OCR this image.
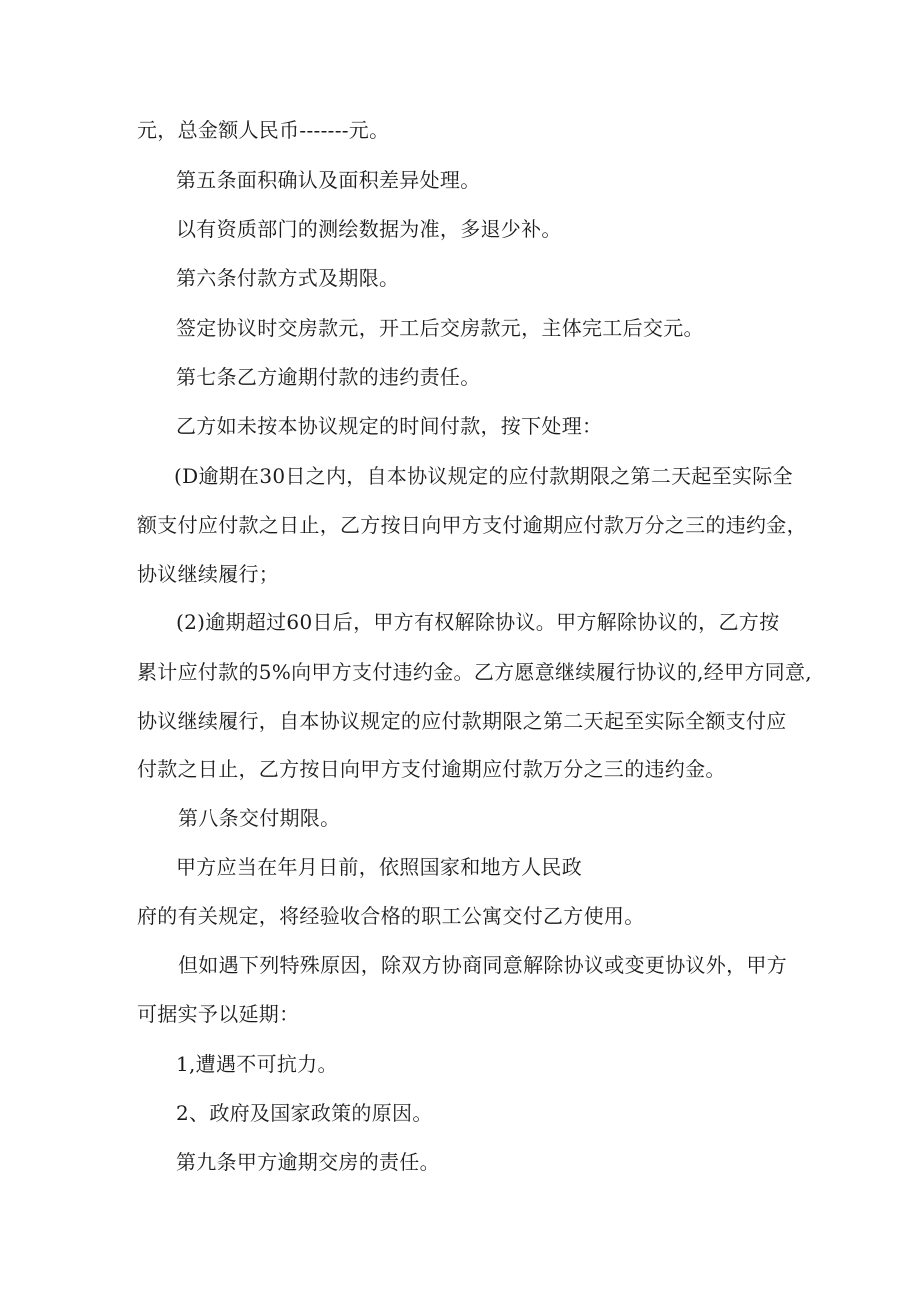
元，总金额人民币-------元。
第五条面积确认及面积差异处理。
以有资质部门的测绘数据为准，多退少补。
第六条付款方式及期限。
签定协议时交房款元，开工后交房款元，主体完工后交元。
第七条乙方逾期付款的违约责任。
乙方如未按本协议规定的时间付款，按下处理：
(D逾期在30日之内，自本协议规定的应付款期限之第二天起至实际全
额支付应付款之日止，乙方按日向甲方支付逾期应付款万分之三的违约金，
协议继续履行；
(2)逾期超过60日后，甲方有权解除协议。甲方解除协议的，乙方按
累计应付款的5%向甲方支付违约金。乙方愿意继续履行协议的,经甲方同意,
协议继续履行，自本协议规定的应付款期限之第二天起至实际全额支付应
付款之日止，乙方按日向甲方支付逾期应付款万分之三的违约金。
第八条交付期限。
甲方应当在年月日前，依照国家和地方人民政
府的有关规定，将经验收合格的职工公寓交付乙方使用。
但如遇下列特殊原因，除双方协商同意解除协议或变更协议外，甲方
可据实予以延期：
1,遭遇不可抗力。
2、政府及国家政策的原因。
第九条甲方逾期交房的责任。
